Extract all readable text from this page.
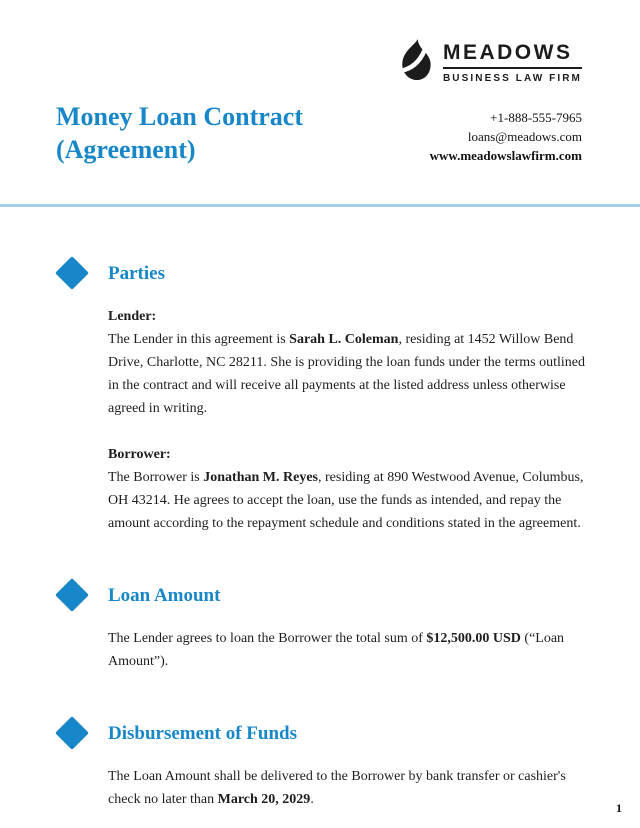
MEADOWS
BUSINESS LAW FIRM
Money Loan Contract (Agreement)
+1-888-555-7965
loans@meadows.com
www.meadowslawfirm.com
Parties

Lender:

The Lender in this agreement is Sarah L. Coleman, residing at 1452 Willow Bend Drive, Charlotte, NC 28211. She is providing the loan funds under the terms outlined in the contract and will receive all payments at the listed address unless otherwise agreed in writing.

Borrower:

The Borrower is Jonathan M. Reyes, residing at 890 Westwood Avenue, Columbus, OH 43214. He agrees to accept the loan, use the funds as intended, and repay the amount according to the repayment schedule and conditions stated in the agreement.

Loan Amount

The Lender agrees to loan the Borrower the total sum of $12,500.00 USD (“Loan Amount”).

Disbursement of Funds

The Loan Amount shall be delivered to the Borrower by bank transfer or cashier's check no later than March 20, 2029.

1
